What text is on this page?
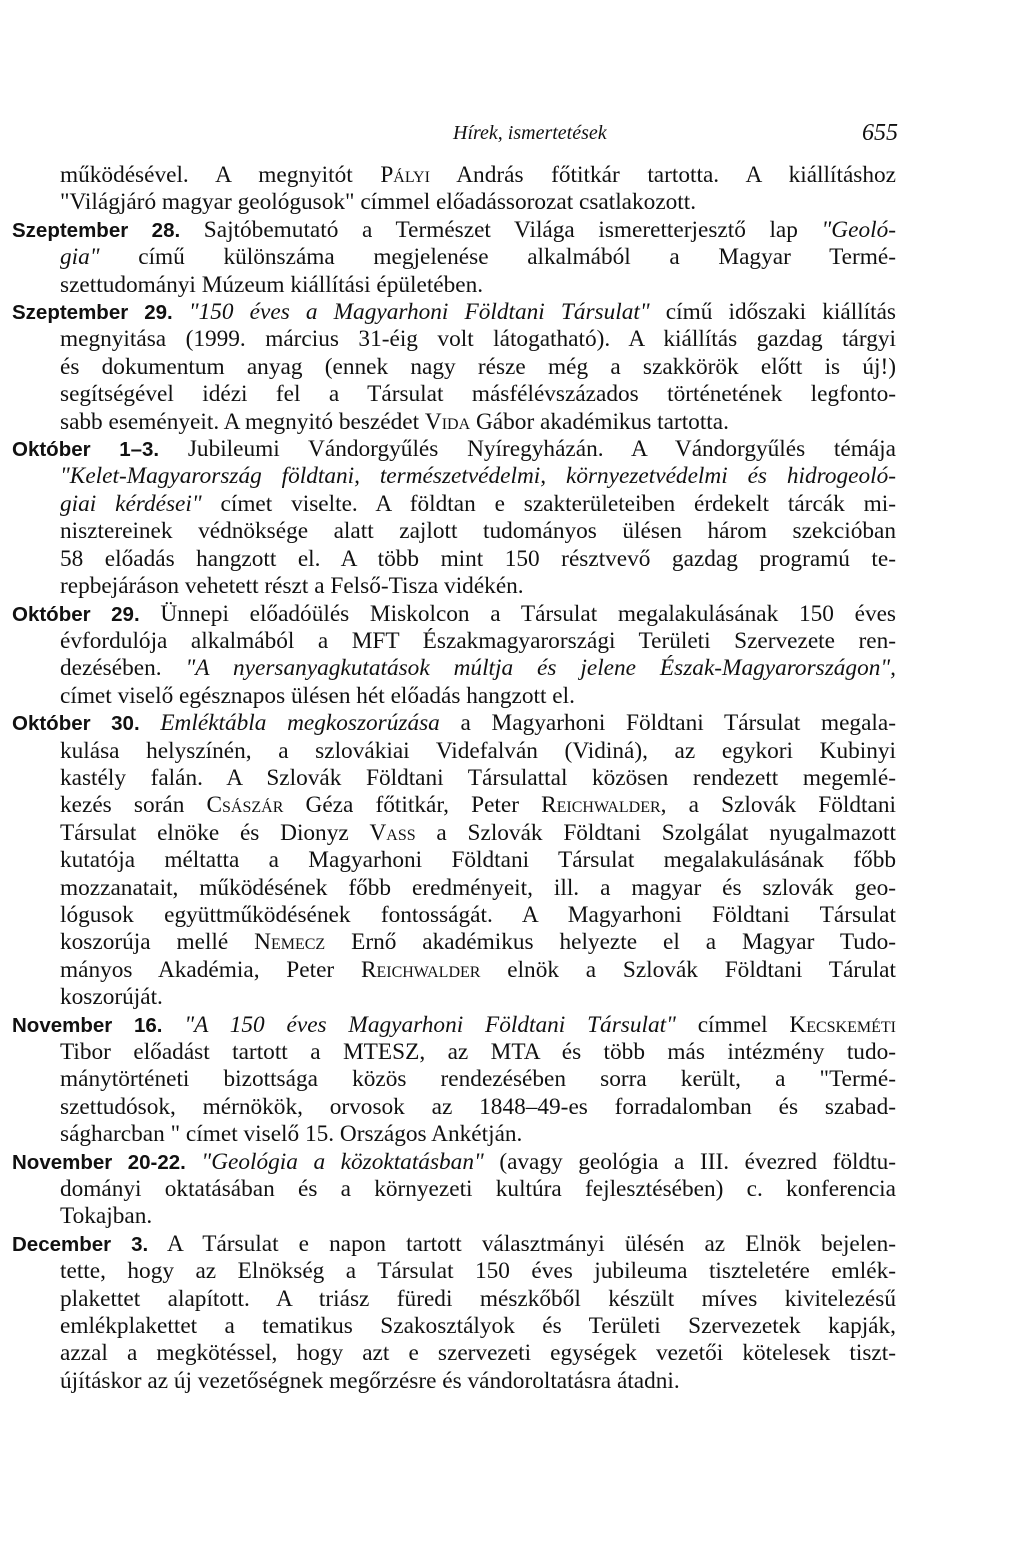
Hírek, ismertetések	655

működésével. A megnyitót Pályi András főtitkár tartotta. A kiállításhoz
"Világjáró magyar geológusok" címmel előadássorozat csatlakozott.

Szeptember 28. Sajtóbemutató a Természet Világa ismeretterjesztő lap "Geoló-
gia" című különszáma megjelenése alkalmából a Magyar Termé-
szettudományi Múzeum kiállítási épületében.

Szeptember 29. "150 éves a Magyarhoni Földtani Társulat" című időszaki kiállítás
megnyitása (1999. március 31-éig volt látogatható). A kiállítás gazdag tárgyi
és dokumentum anyag (ennek nagy része még a szakkörök előtt is új!)
segítségével idézi fel a Társulat másfélévszázados történetének legfonto-
sabb eseményeit. A megnyitó beszédet Vida Gábor akadémikus tartotta.

Október 1–3. Jubileumi Vándorgyűlés Nyíregyházán. A Vándorgyűlés témája
"Kelet-Magyarország földtani, természetvédelmi, környezetvédelmi és hidrogeoló-
giai kérdései" címet viselte. A földtan e szakterületeiben érdekelt tárcák mi-
nisztereinek védnöksége alatt zajlott tudományos ülésen három szekcióban
58 előadás hangzott el. A több mint 150 résztvevő gazdag programú te-
repbejáráson vehetett részt a Felső-Tisza vidékén.

Október 29. Ünnepi előadóülés Miskolcon a Társulat megalakulásának 150 éves
évfordulója alkalmából a MFT Északmagyarországi Területi Szervezete ren-
dezésében. "A nyersanyagkutatások múltja és jelene Észak-Magyarországon",
címet viselő egésznapos ülésen hét előadás hangzott el.

Október 30. Emléktábla megkoszorúzása a Magyarhoni Földtani Társulat megala-
kulása helyszínén, a szlovákiai Videfalván (Vidiná), az egykori Kubinyi
kastély falán. A Szlovák Földtani Társulattal közösen rendezett megemlé-
kezés során Császár Géza főtitkár, Peter Reichwalder, a Szlovák Földtani
Társulat elnöke és Dionyz Vass a Szlovák Földtani Szolgálat nyugalmazott
kutatója méltatta a Magyarhoni Földtani Társulat megalakulásának főbb
mozzanatait, működésének főbb eredményeit, ill. a magyar és szlovák geo-
lógusok együttműködésének fontosságát. A Magyarhoni Földtani Társulat
koszorúja mellé Nemecz Ernő akadémikus helyezte el a Magyar Tudo-
mányos Akadémia, Peter Reichwalder elnök a Szlovák Földtani Tárulat
koszorúját.

November 16. "A 150 éves Magyarhoni Földtani Társulat" címmel Kecskeméti
Tibor előadást tartott a MTESZ, az MTA és több más intézmény tudo-
mánytörténeti bizottsága közös rendezésében sorra került, a "Termé-
szettudósok, mérnökök, orvosok az 1848–49-es forradalomban és szabad-
ságharcban " címet viselő 15. Országos Ankétján.

November 20-22. "Geológia a közoktatásban" (avagy geológia a III. évezred földtu-
dományi oktatásában és a környezeti kultúra fejlesztésében) c. konferencia
Tokajban.

December 3. A Társulat e napon tartott választmányi ülésén az Elnök bejelen-
tette, hogy az Elnökség a Társulat 150 éves jubileuma tiszteletére emlék-
plakettet alapított. A triász füredi mészkőből készült míves kivitelezésű
emlékplakettet a tematikus Szakosztályok és Területi Szervezetek kapják,
azzal a megkötéssel, hogy azt e szervezeti egységek vezetői kötelesek tiszt-
újításkor az új vezetőségnek megőrzésre és vándoroltatásra átadni.
